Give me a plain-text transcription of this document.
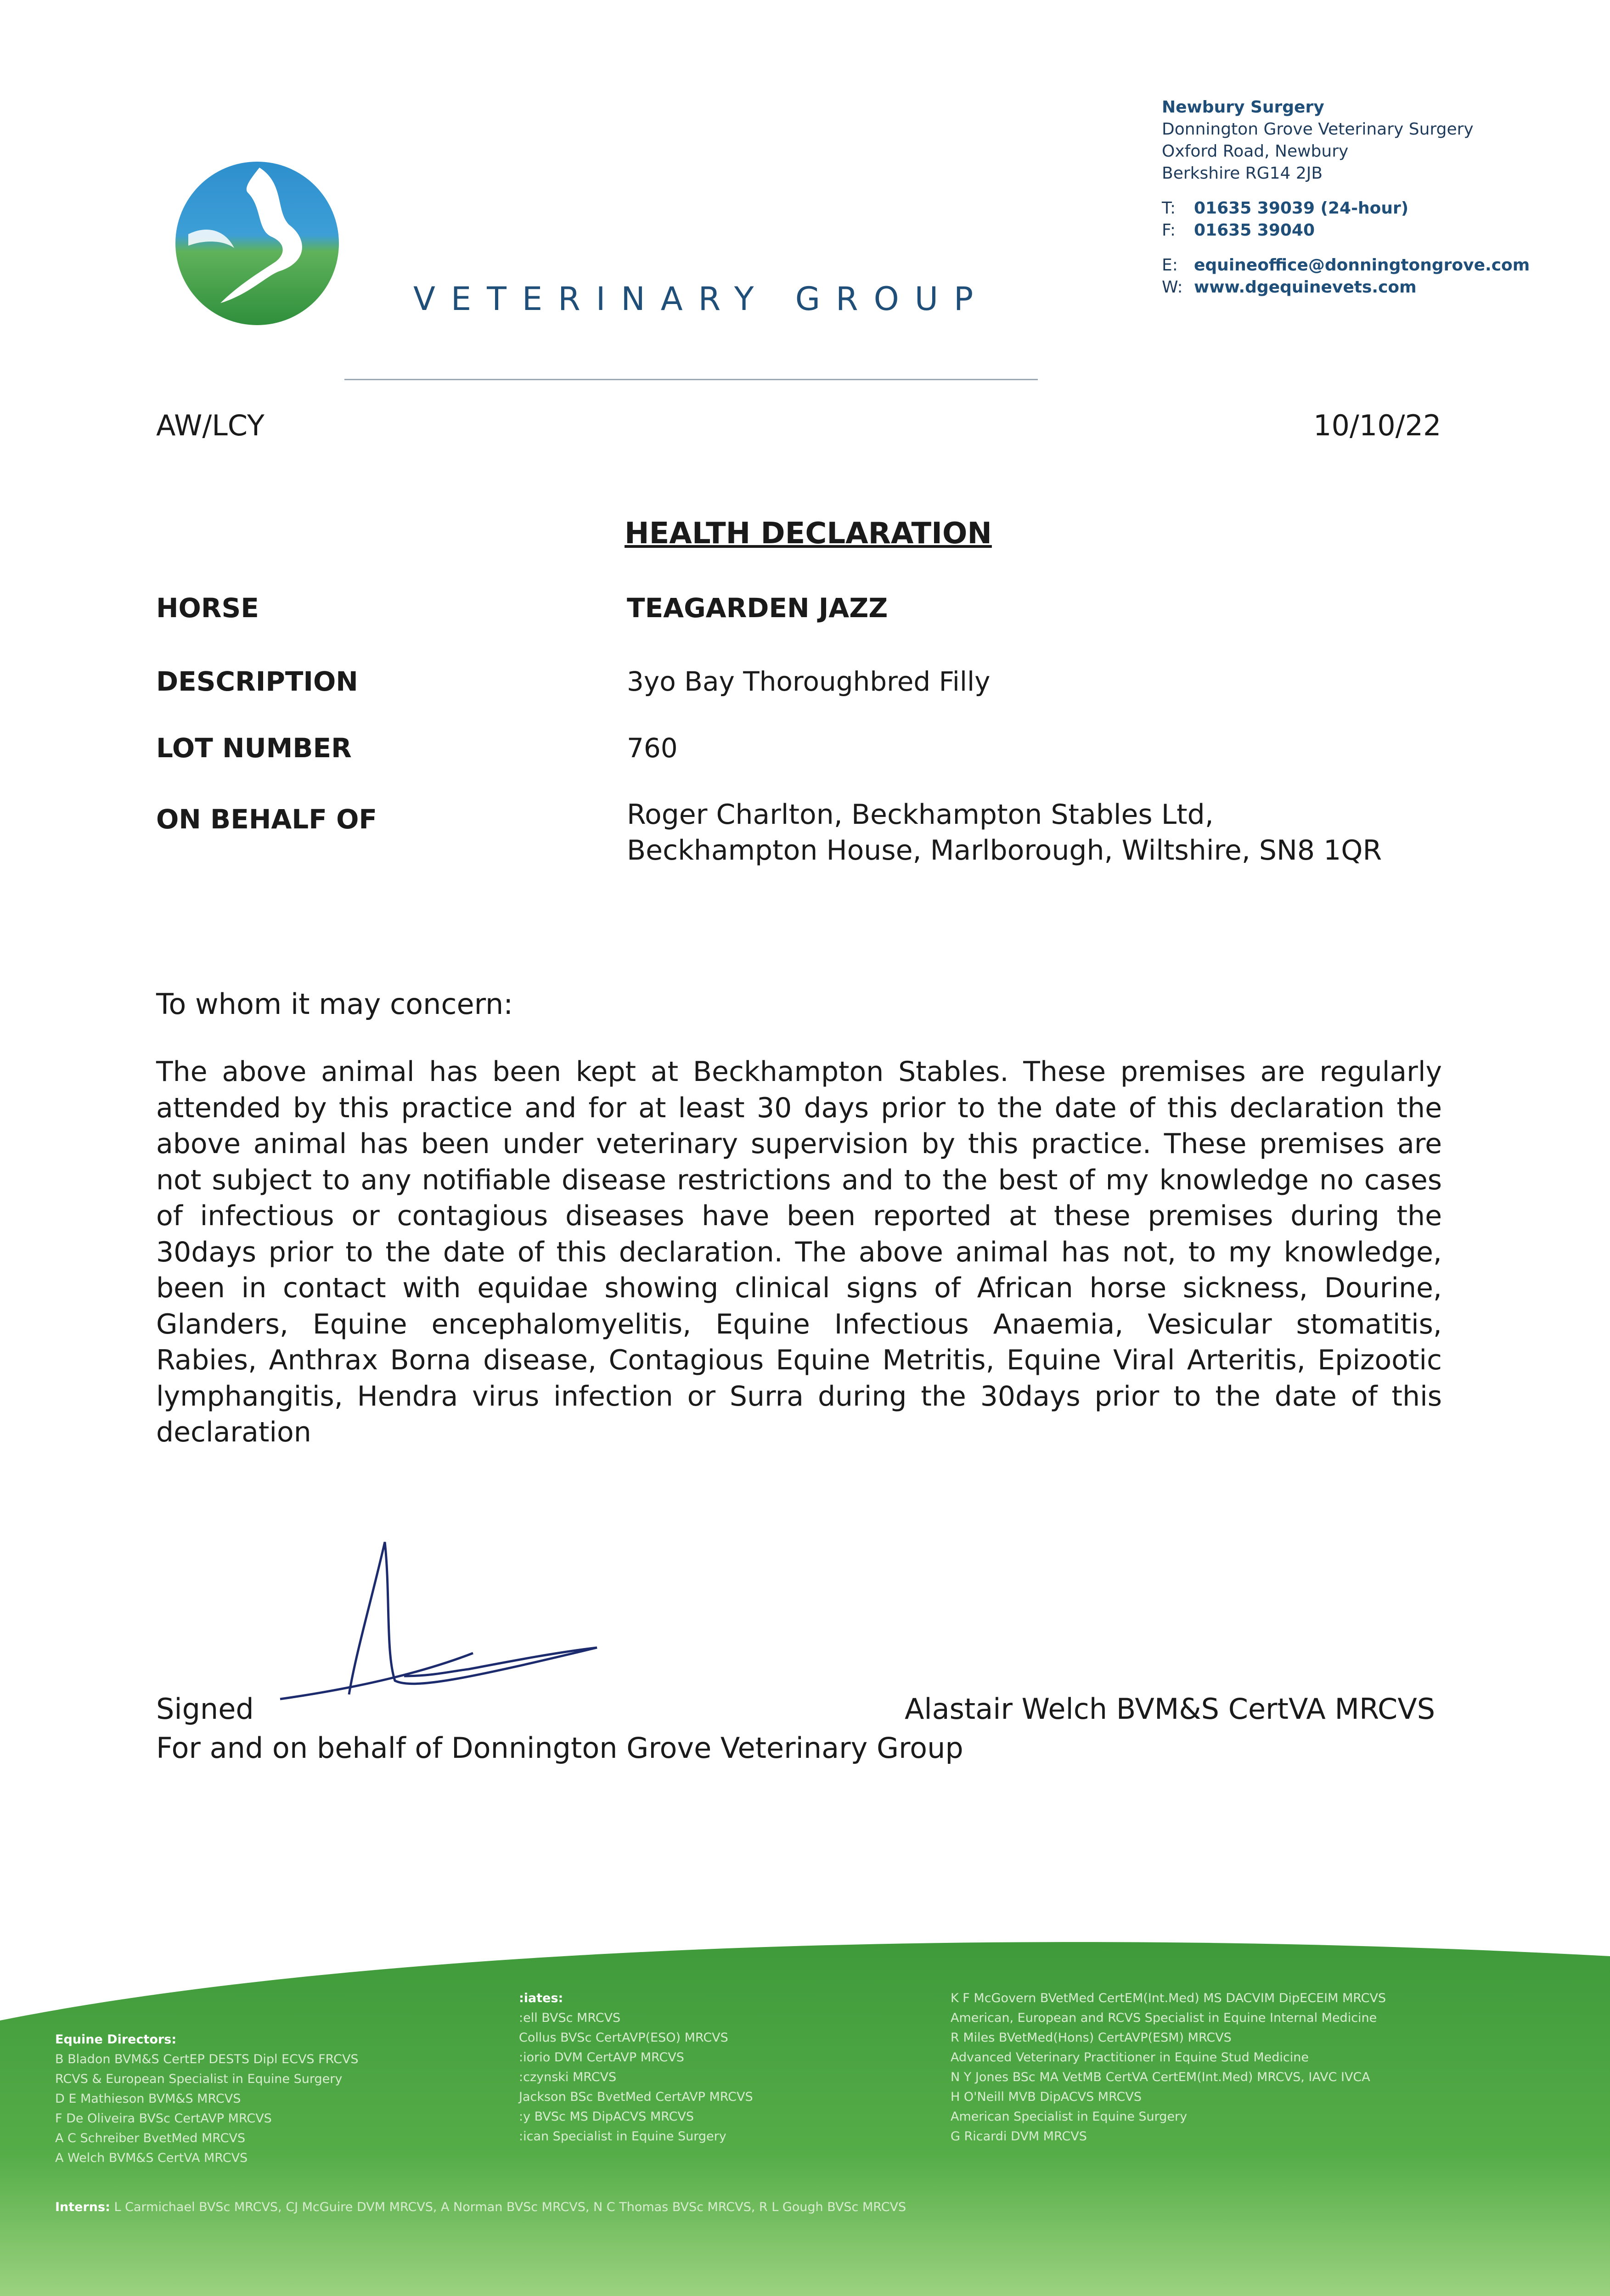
VETERINARY GROUP
Newbury Surgery
Donnington Grove Veterinary Surgery
Oxford Road, Newbury
Berkshire RG14 2JB
T: 01635 39039 (24-hour)
F: 01635 39040
E: equineoffice@donningtongrove.com
W: www.dgequinevets.com
AW/LCY	10/10/22
HEALTH DECLARATION
HORSE	TEAGARDEN JAZZ
DESCRIPTION	3yo Bay Thoroughbred Filly
LOT NUMBER	760
ON BEHALF OF	Roger Charlton, Beckhampton Stables Ltd,
Beckhampton House, Marlborough, Wiltshire, SN8 1QR
To whom it may concern:
The above animal has been kept at Beckhampton Stables. These premises are regularly attended by this practice and for at least 30 days prior to the date of this declaration the above animal has been under veterinary supervision by this practice. These premises are not subject to any notifiable disease restrictions and to the best of my knowledge no cases of infectious or contagious diseases have been reported at these premises during the 30days prior to the date of this declaration. The above animal has not, to my knowledge, been in contact with equidae showing clinical signs of African horse sickness, Dourine, Glanders, Equine encephalomyelitis, Equine Infectious Anaemia, Vesicular stomatitis, Rabies, Anthrax Borna disease, Contagious Equine Metritis, Equine Viral Arteritis, Epizootic lymphangitis, Hendra virus infection or Surra during the 30days prior to the date of this declaration
Signed	Alastair Welch BVM&S CertVA MRCVS
For and on behalf of Donnington Grove Veterinary Group
Equine Directors:
B Bladon BVM&S CertEP DESTS Dipl ECVS FRCVS
RCVS & European Specialist in Equine Surgery
D E Mathieson BVM&S MRCVS
F De Oliveira BVSc CertAVP MRCVS
A C Schreiber BvetMed MRCVS
A Welch BVM&S CertVA MRCVS
:iates:
:ell BVSc MRCVS
Collus BVSc CertAVP(ESO) MRCVS
:iorio DVM CertAVP MRCVS
:czynski MRCVS
Jackson BSc BvetMed CertAVP MRCVS
:y BVSc MS DipACVS MRCVS
:ican Specialist in Equine Surgery
K F McGovern BVetMed CertEM(Int.Med) MS DACVIM DipECEIM MRCVS
American, European and RCVS Specialist in Equine Internal Medicine
R Miles BVetMed(Hons) CertAVP(ESM) MRCVS
Advanced Veterinary Practitioner in Equine Stud Medicine
N Y Jones BSc MA VetMB CertVA CertEM(Int.Med) MRCVS, IAVC IVCA
H O'Neill MVB DipACVS MRCVS
American Specialist in Equine Surgery
G Ricardi DVM MRCVS
Interns: L Carmichael BVSc MRCVS, CJ McGuire DVM MRCVS, A Norman BVSc MRCVS, N C Thomas BVSc MRCVS, R L Gough BVSc MRCVS
